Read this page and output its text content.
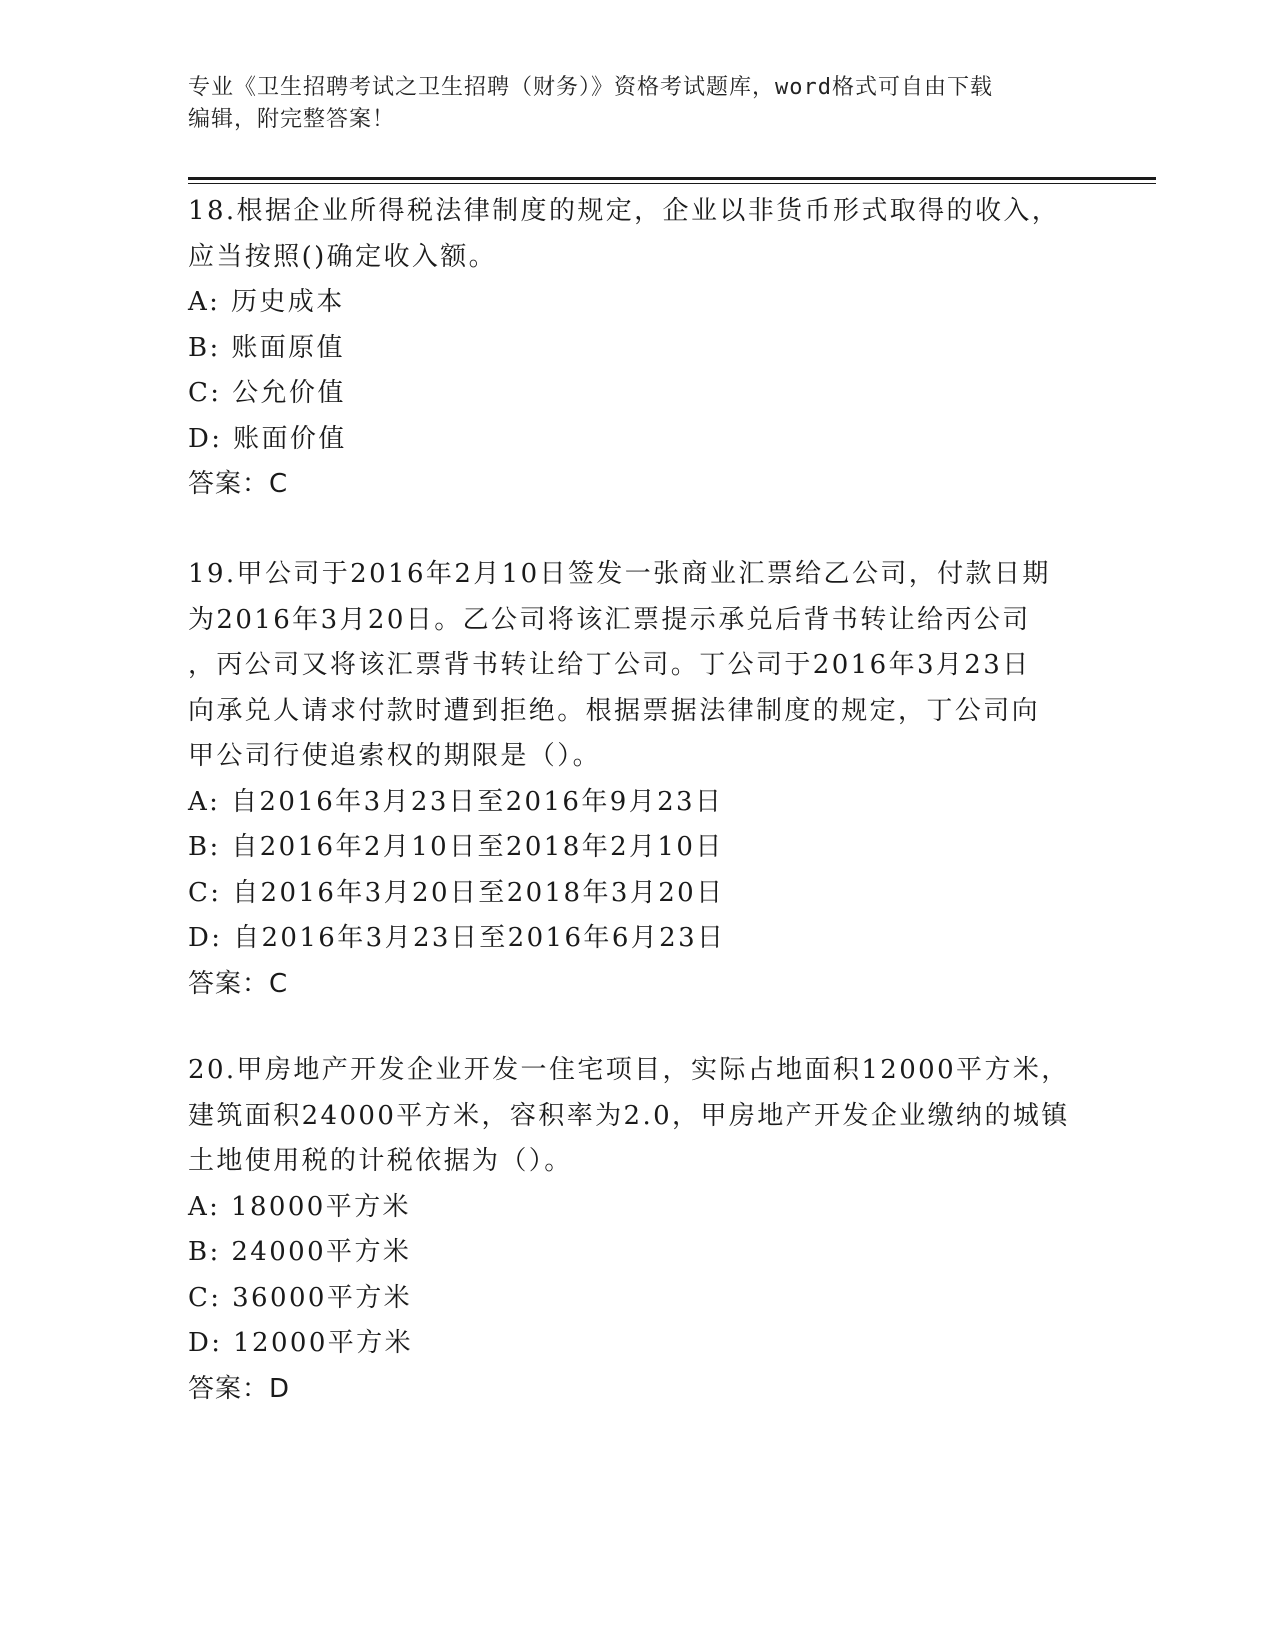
专业《卫生招聘考试之卫生招聘（财务）》资格考试题库，word格式可自由下载
编辑，附完整答案！

18.根据企业所得税法律制度的规定，企业以非货币形式取得的收入，

应当按照()确定收入额。

A: 历史成本

B: 账面原值

C: 公允价值

D: 账面价值

答案：C

19.甲公司于2016年2月10日签发一张商业汇票给乙公司，付款日期

为2016年3月20日。乙公司将该汇票提示承兑后背书转让给丙公司

，丙公司又将该汇票背书转让给丁公司。丁公司于2016年3月23日

向承兑人请求付款时遭到拒绝。根据票据法律制度的规定，丁公司向

甲公司行使追索权的期限是（）。

A: 自2016年3月23日至2016年9月23日

B: 自2016年2月10日至2018年2月10日

C: 自2016年3月20日至2018年3月20日

D: 自2016年3月23日至2016年6月23日

答案：C

20.甲房地产开发企业开发一住宅项目，实际占地面积12000平方米，

建筑面积24000平方米，容积率为2.0，甲房地产开发企业缴纳的城镇

土地使用税的计税依据为（）。

A: 18000平方米

B: 24000平方米

C: 36000平方米

D: 12000平方米

答案：D
